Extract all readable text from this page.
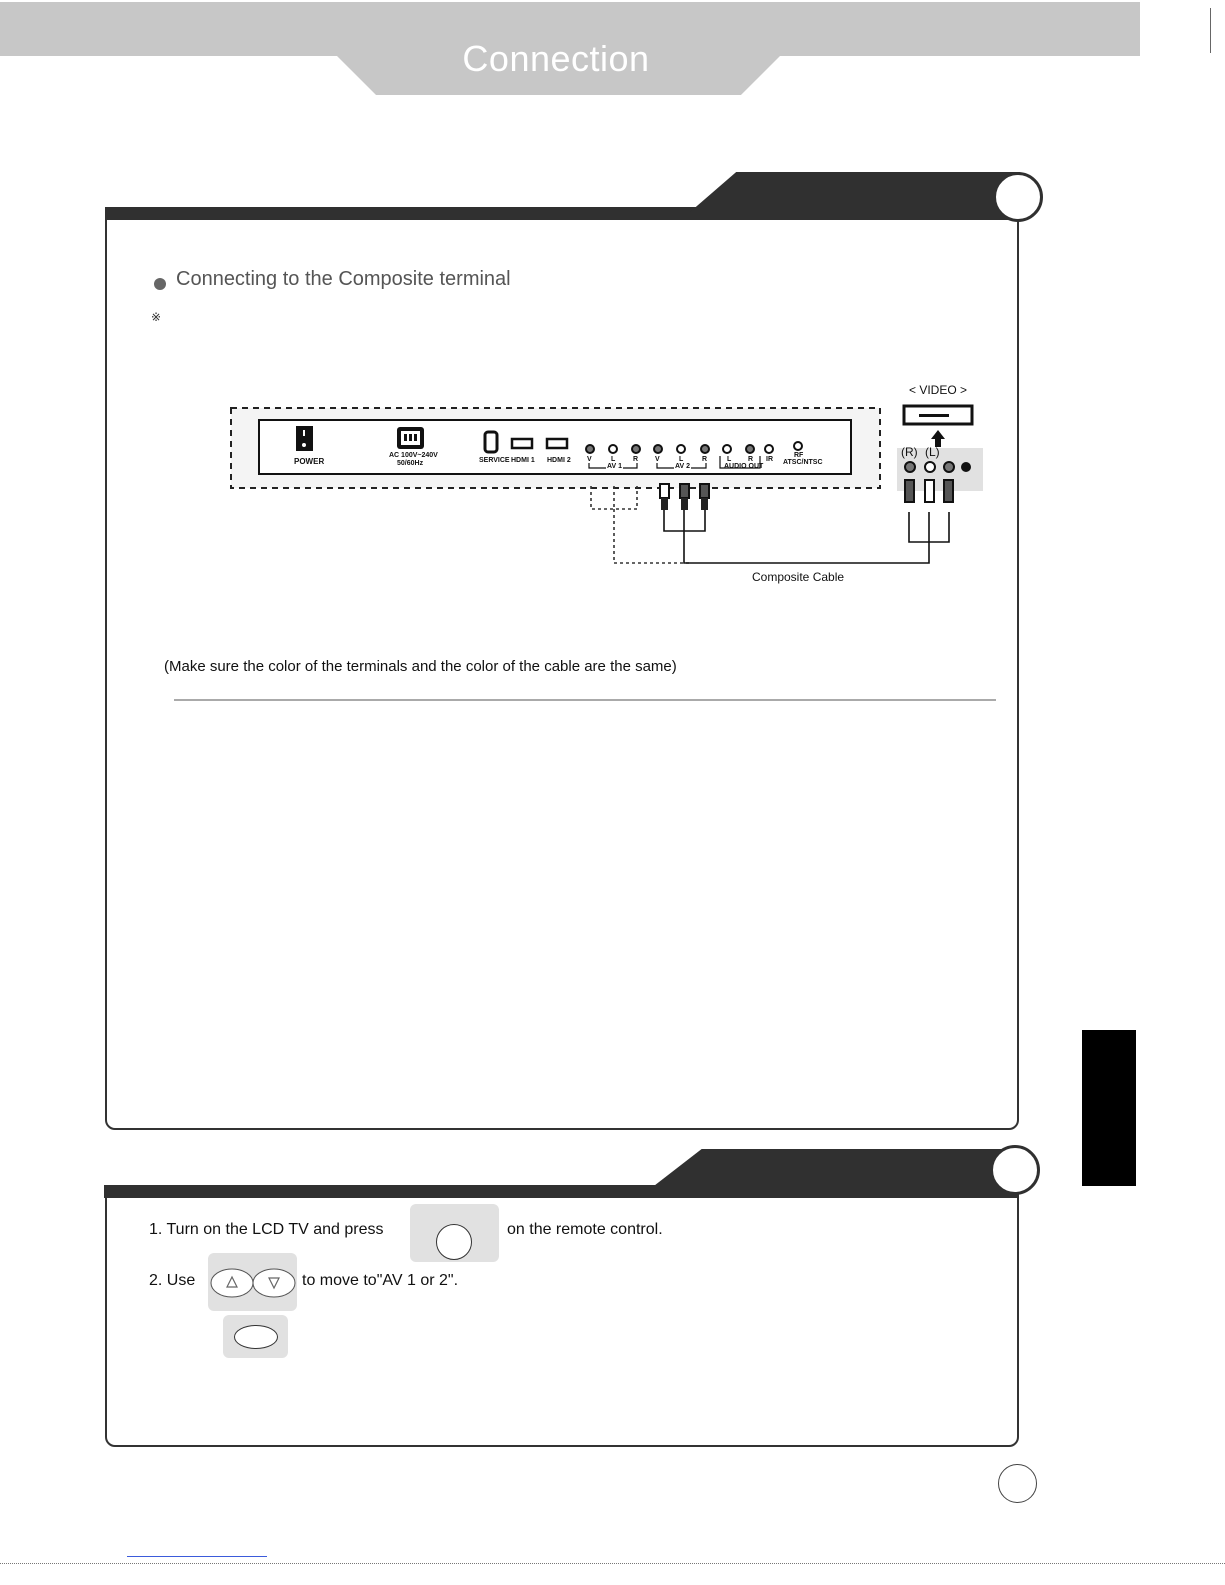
Connection
Connecting to the Composite terminal
※
POWER
AC 100V~240V
50/60Hz	SERVICE HDMI 1 HDMI 2 V	L	R
AV 1
V	L	R
AV 2
L R
AUDIO OUT
IR
RF
ATSC/NTSC
< VIDEO >
(R) (L)
Composite Cable
(Make sure the color of the terminals and the color of the cable are the same)
1. Turn on the LCD TV and press	on the remote control.
2. Use	to move to"AV 1 or 2".
